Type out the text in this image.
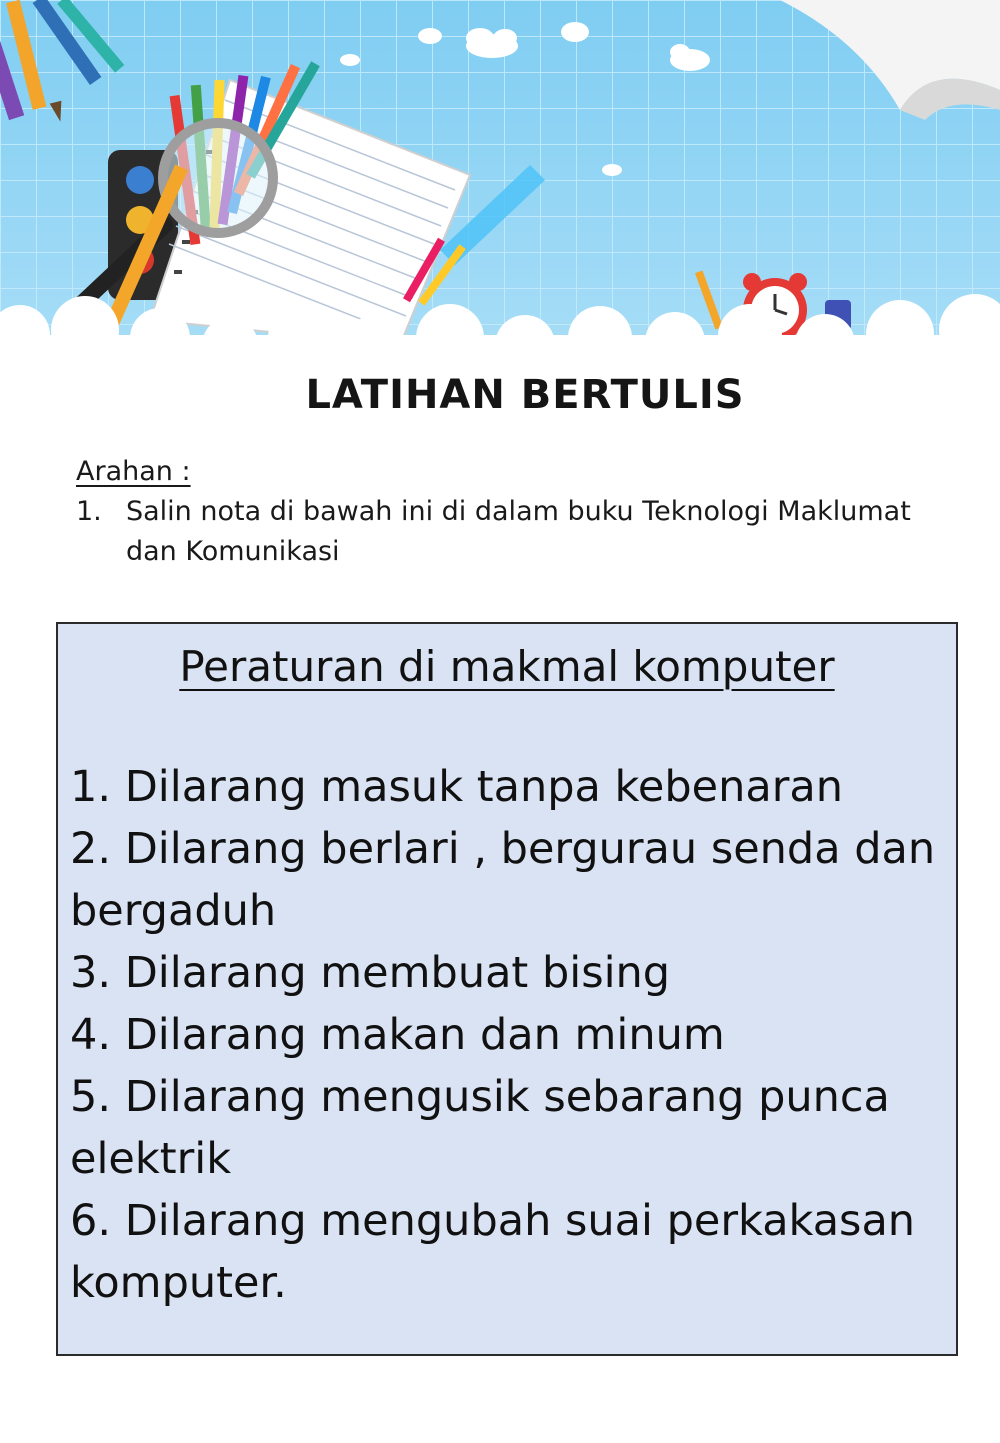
LATIHAN BERTULIS
Arahan :
1. Salin nota di bawah ini di dalam buku Teknologi Maklumat dan Komunikasi
Peraturan di makmal komputer
1. Dilarang masuk tanpa kebenaran
2. Dilarang berlari , bergurau senda dan bergaduh
3. Dilarang membuat bising
4. Dilarang makan dan minum
5. Dilarang mengusik sebarang punca elektrik
6. Dilarang mengubah suai perkakasan komputer.
